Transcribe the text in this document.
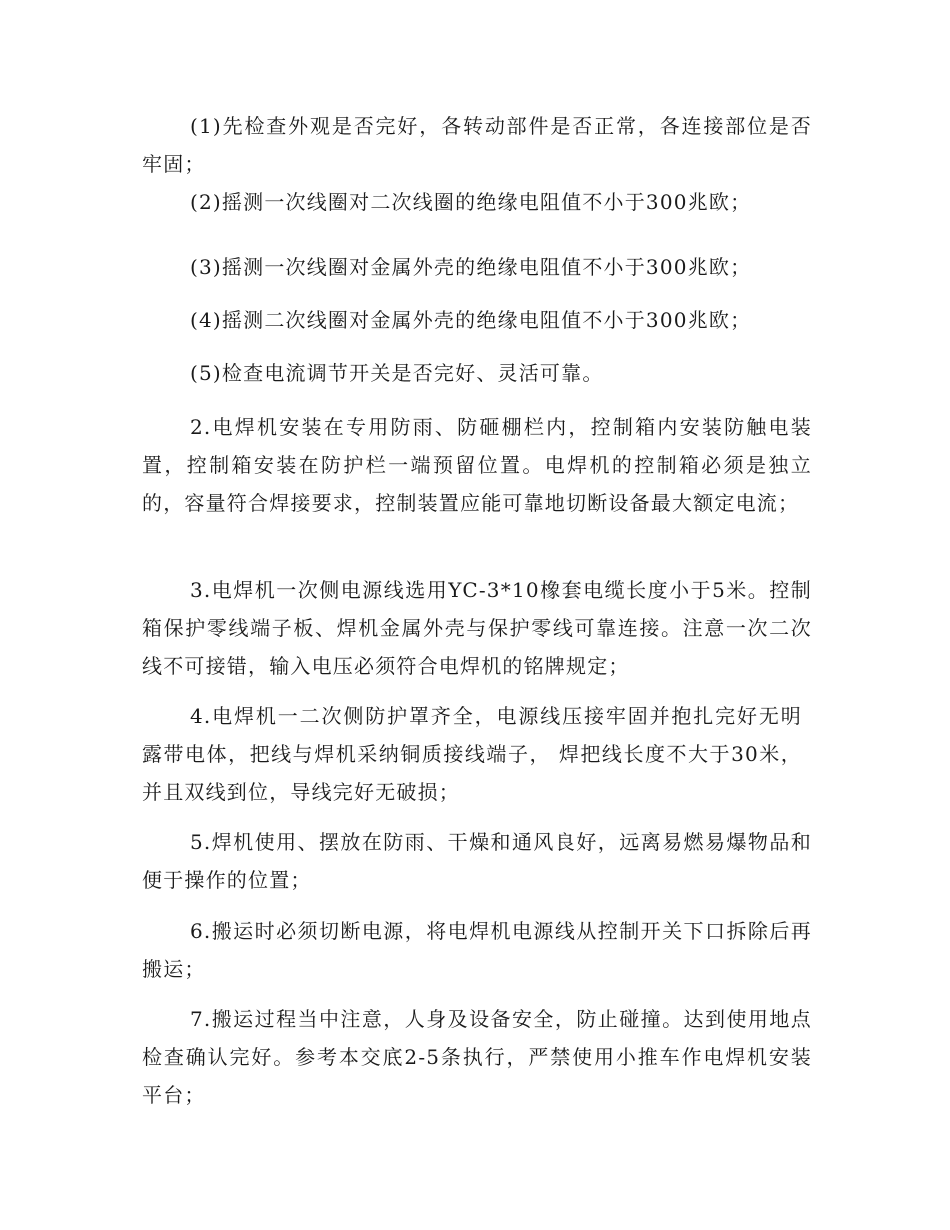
(1)先检查外观是否完好，各转动部件是否正常，各连接部位是否牢固；

(2)摇测一次线圈对二次线圈的绝缘电阻值不小于300兆欧；

(3)摇测一次线圈对金属外壳的绝缘电阻值不小于300兆欧；

(4)摇测二次线圈对金属外壳的绝缘电阻值不小于300兆欧；

(5)检查电流调节开关是否完好、灵活可靠。

2.电焊机安装在专用防雨、防砸棚栏内，控制箱内安装防触电装置，控制箱安装在防护栏一端预留位置。电焊机的控制箱必须是独立的，容量符合焊接要求，控制装置应能可靠地切断设备最大额定电流；

3.电焊机一次侧电源线选用YC-3*10橡套电缆长度小于5米。控制箱保护零线端子板、焊机金属外壳与保护零线可靠连接。注意一次二次线不可接错，输入电压必须符合电焊机的铭牌规定；

4.电焊机一二次侧防护罩齐全，电源线压接牢固并抱扎完好无明露带电体，把线与焊机采纳铜质接线端子， 焊把线长度不大于30米，并且双线到位，导线完好无破损；

5.焊机使用、摆放在防雨、干燥和通风良好，远离易燃易爆物品和便于操作的位置；

6.搬运时必须切断电源，将电焊机电源线从控制开关下口拆除后再搬运；

7.搬运过程当中注意，人身及设备安全，防止碰撞。达到使用地点检查确认完好。参考本交底2-5条执行，严禁使用小推车作电焊机安装平台；
